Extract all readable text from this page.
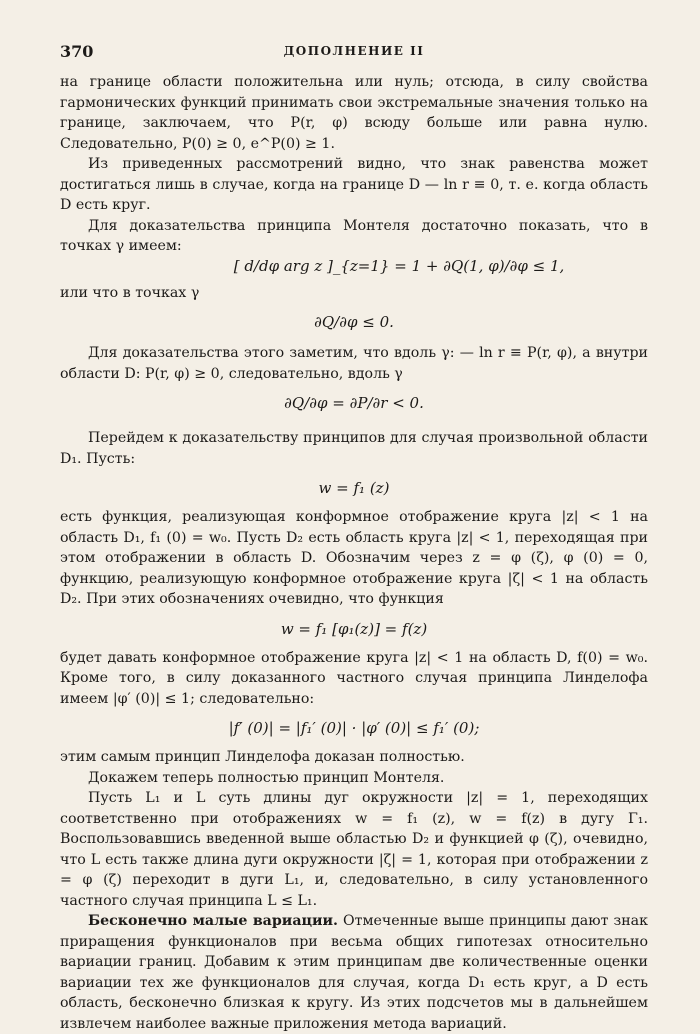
370	ДОПОЛНЕНИЕ II

на границе области положительна или нуль; отсюда, в силу свойства гармонических функций принимать свои экстремальные значения только на границе, заключаем, что P(r, φ) всюду больше или равна нулю. Следовательно, P(0) ≥ 0, e^P(0) ≥ 1.

Из приведенных рассмотрений видно, что знак равенства может достигаться лишь в случае, когда на границе D — ln r ≡ 0, т. е. когда область D есть круг.

Для доказательства принципа Монтеля достаточно показать, что в точках γ имеем:

[ d/dφ arg z ]_{z=1} = 1 + ∂Q(1, φ)/∂φ ≤ 1,

или что в точках γ

∂Q/∂φ ≤ 0.

Для доказательства этого заметим, что вдоль γ: — ln r ≡ P(r, φ), а внутри области D: P(r, φ) ≥ 0, следовательно, вдоль γ

∂Q/∂φ = ∂P/∂r < 0.

Перейдем к доказательству принципов для случая произвольной области D₁. Пусть:

w = f₁ (z)

есть функция, реализующая конформное отображение круга |z| < 1 на область D₁, f₁ (0) = w₀. Пусть D₂ есть область круга |z| < 1, переходящая при этом отображении в область D. Обозначим через z = φ (ζ), φ (0) = 0, функцию, реализующую конформное отображение круга |ζ| < 1 на область D₂. При этих обозначениях очевидно, что функция

w = f₁ [φ₁(z)] = f(z)

будет давать конформное отображение круга |z| < 1 на область D, f(0) = w₀. Кроме того, в силу доказанного частного случая принципа Линделофа имеем |φ′ (0)| ≤ 1; следовательно:

|f′ (0)| = |f₁′ (0)| · |φ′ (0)| ≤ f₁′ (0);

этим самым принцип Линделофа доказан полностью.

Докажем теперь полностью принцип Монтеля.

Пусть L₁ и L суть длины дуг окружности |z| = 1, переходящих соответственно при отображениях w = f₁ (z), w = f(z) в дугу Γ₁. Воспользовавшись введенной выше областью D₂ и функцией φ (ζ), очевидно, что L есть также длина дуги окружности |ζ| = 1, которая при отображении z = φ (ζ) переходит в дуги L₁, и, следовательно, в силу установленного частного случая принципа L ≤ L₁.

Бесконечно малые вариации. Отмеченные выше принципы дают знак приращения функционалов при весьма общих гипотезах относительно вариации границ. Добавим к этим принципам две количественные оценки вариации тех же функционалов для случая, когда D₁ есть круг, а D есть область, бесконечно близкая к кругу. Из этих подсчетов мы в дальнейшем извлечем наиболее важные приложения метода вариаций.
